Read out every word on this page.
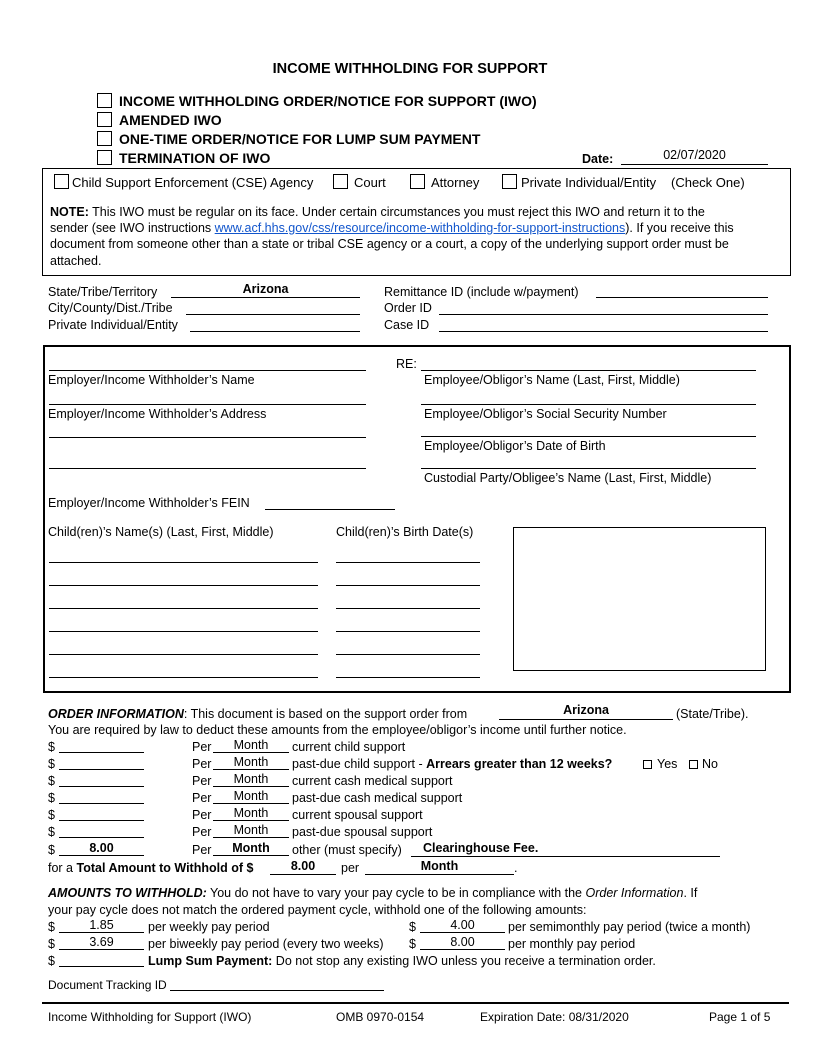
INCOME WITHHOLDING FOR SUPPORT
INCOME WITHHOLDING ORDER/NOTICE FOR SUPPORT (IWO)
AMENDED IWO
ONE-TIME ORDER/NOTICE FOR LUMP SUM PAYMENT
TERMINATION OF IWO	Date:	02/07/2020
Child Support Enforcement (CSE) Agency	Court	Attorney	Private Individual/Entity (Check One)
NOTE: This IWO must be regular on its face. Under certain circumstances you must reject this IWO and return it to the
sender (see IWO instructions www.acf.hhs.gov/css/resource/income-withholding-for-support-instructions). If you receive this
document from someone other than a state or tribal CSE agency or a court, a copy of the underlying support order must be
attached.
State/Tribe/Territory	Arizona
City/County/Dist./Tribe
Private Individual/Entity
Remittance ID (include w/payment)
Order ID
Case ID
Employer/Income Withholder’s Name
Employer/Income Withholder’s Address
Employer/Income Withholder’s FEIN
RE:
Employee/Obligor’s Name (Last, First, Middle)
Employee/Obligor’s Social Security Number
Employee/Obligor’s Date of Birth
Custodial Party/Obligee’s Name (Last, First, Middle)
Child(ren)’s Name(s) (Last, First, Middle)	Child(ren)’s Birth Date(s)
ORDER INFORMATION: This document is based on the support order from	Arizona	(State/Tribe).
You are required by law to deduct these amounts from the employee/obligor’s income until further notice.
$	Per	Month	current child support
$	Per	Month	past-due child support - Arrears greater than 12 weeks?	Yes No
$	Per	Month	current cash medical support
$	Per	Month	past-due cash medical support
$	Per	Month	current spousal support
$	Per	Month	past-due spousal support
$	8.00	Per	Month	other (must specify) Clearinghouse Fee.
for a Total Amount to Withhold of $	8.00	per	Month	.
AMOUNTS TO WITHHOLD: You do not have to vary your pay cycle to be in compliance with the Order Information. If
your pay cycle does not match the ordered payment cycle, withhold one of the following amounts:
$	1.85	per weekly pay period	$	4.00	per semimonthly pay period (twice a month)
$	3.69	per biweekly pay period (every two weeks) $	8.00	per monthly pay period
$	Lump Sum Payment: Do not stop any existing IWO unless you receive a termination order.
Document Tracking ID
Income Withholding for Support (IWO)	OMB 0970-0154	Expiration Date: 08/31/2020	Page 1 of 5
